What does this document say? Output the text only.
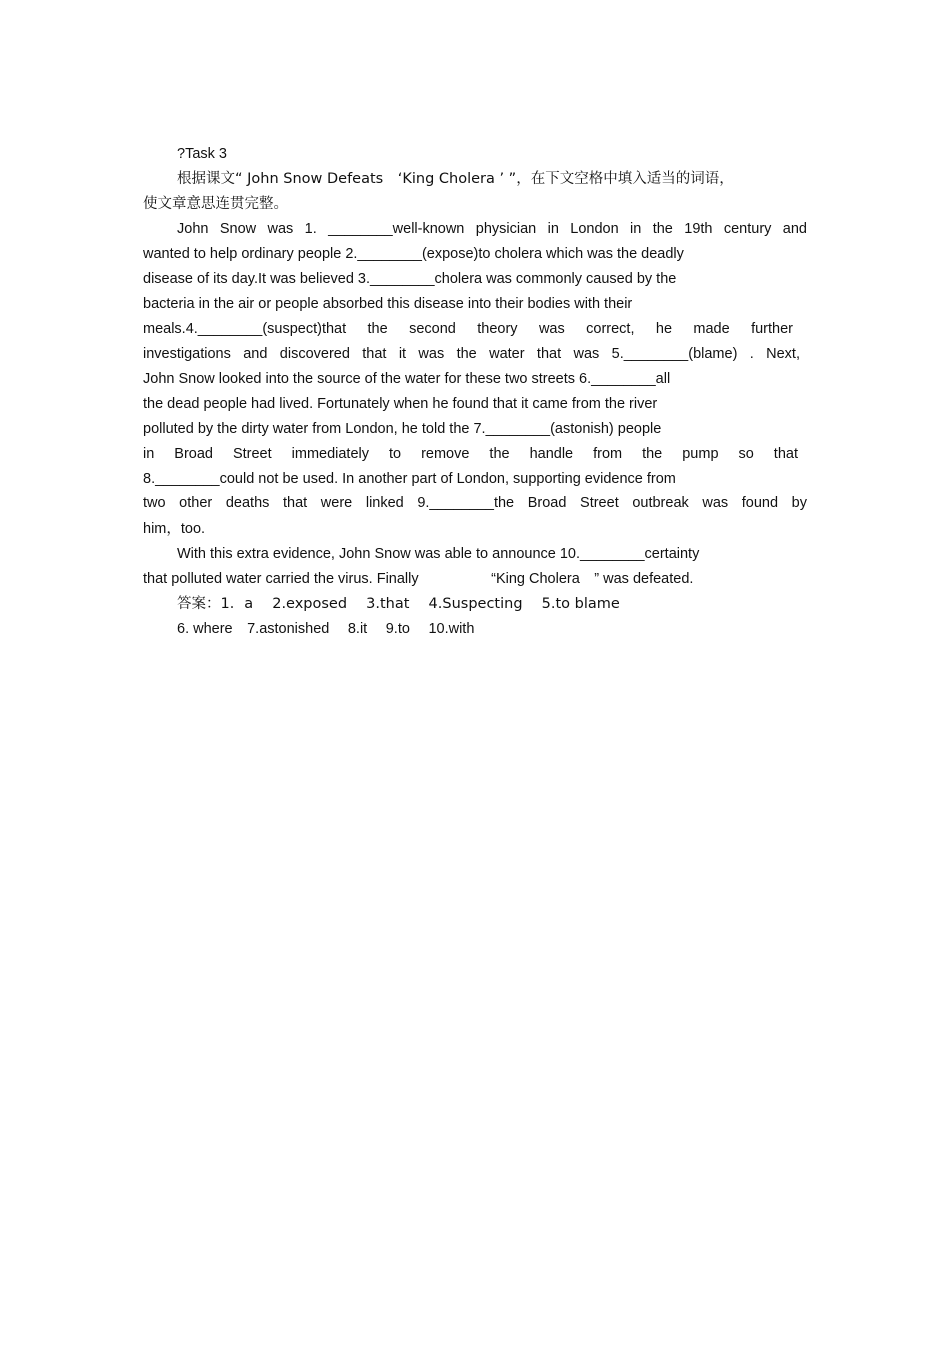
?Task 3
根据课文“ John Snow Defeats　‘King Cholera ’ ”，在下文空格中填入适当的词语，
使文章意思连贯完整。
John Snow was 1. ________well-known physician in London in the 19th century and
wanted to help ordinary people 2.________(expose)to cholera which was the deadly
disease of its day.It was believed 3.________cholera was commonly caused by the
bacteria in the air or people absorbed this disease into their bodies with their
meals.4.________(suspect)that the second theory was correct, he made further
investigations and discovered that it was the water that was 5.________(blame) . Next,
John Snow looked into the source of the water for these two streets 6.________all
the dead people had lived. Fortunately when he found that it came from the river
polluted by the dirty water from London, he told the 7.________(astonish) people
in Broad Street immediately to remove the handle from the pump so that
8.________could not be used. In another part of London, supporting evidence from
two other deaths that were linked 9.________the Broad Street outbreak was found by
him，too.
With this extra evidence, John Snow was able to announce 10.________certainty
that polluted water carried the virus. Finally　　　　　“King Cholera　” was defeated.
答案：1．a　 2.exposed　 3.that　 4.Suspecting　 5.to blame
6. where　7.astonished　 8.it　 9.to　 10.with
